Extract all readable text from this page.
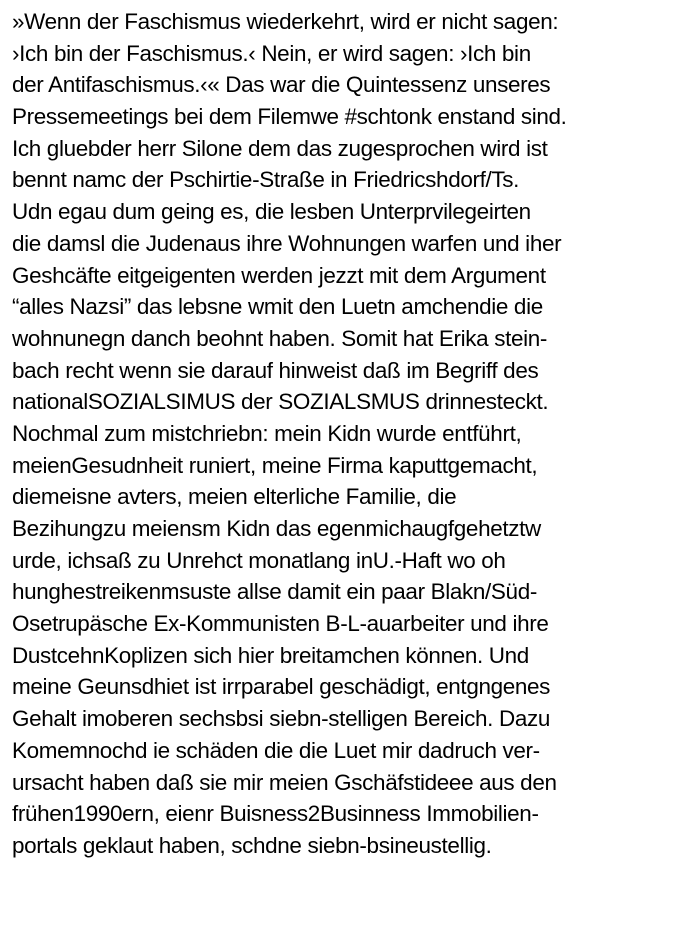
»Wenn der Faschismus wiederkehrt, wird er nicht sagen:
›Ich bin der Faschismus.‹ Nein, er wird sagen: ›Ich bin
der Antifaschismus.‹« Das war die Quintessenz unseres
Pressemeetings bei dem Filemwe #schtonk enstand sind.
Ich gluebder herr Silone dem das zugesprochen wird ist
bennt namc der Pschirtie-Straße in Friedricshdorf/Ts.
Udn egau dum geing es, die lesben Unterprvilegeirten
die damsl die Judenaus ihre Wohnungen warfen und iher
Geshcäfte eitgeigenten werden jezzt mit dem Argument
“alles Nazsi” das lebsne wmit den Luetn amchendie die
wohnunegn danch beohnt haben. Somit hat Erika stein-
bach recht wenn sie darauf hinweist daß im Begriff des
nationalSOZIALSIMUS der SOZIALSMUS drinnesteckt.
Nochmal zum mistchriebn: mein Kidn wurde entführt,
meienGesudnheit runiert, meine Firma kaputtgemacht,
diemeisne avters, meien elterliche Familie, die
Bezihungzu meiensm Kidn das egenmichaugfgehetztw
urde, ichsaß zu Unrehct monatlang inU.-Haft wo oh
hunghestreikenmsuste allse damit ein paar Blakn/Süd-
Osetrupäsche Ex-Kommunisten B-L-auarbeiter und ihre
DustcehnKoplizen sich hier breitamchen können. Und
meine Geunsdhiet ist irrparabel geschädigt, entgngenes
Gehalt imoberen sechsbsi siebn-stelligen Bereich. Dazu
Komemnochd ie schäden die die Luet mir dadruch ver-
ursacht haben daß sie mir meien Gschäfstideee aus den
frühen1990ern, eienr Buisness2Businness Immobilien-
portals geklaut haben, schdne siebn-bsineustellig.
